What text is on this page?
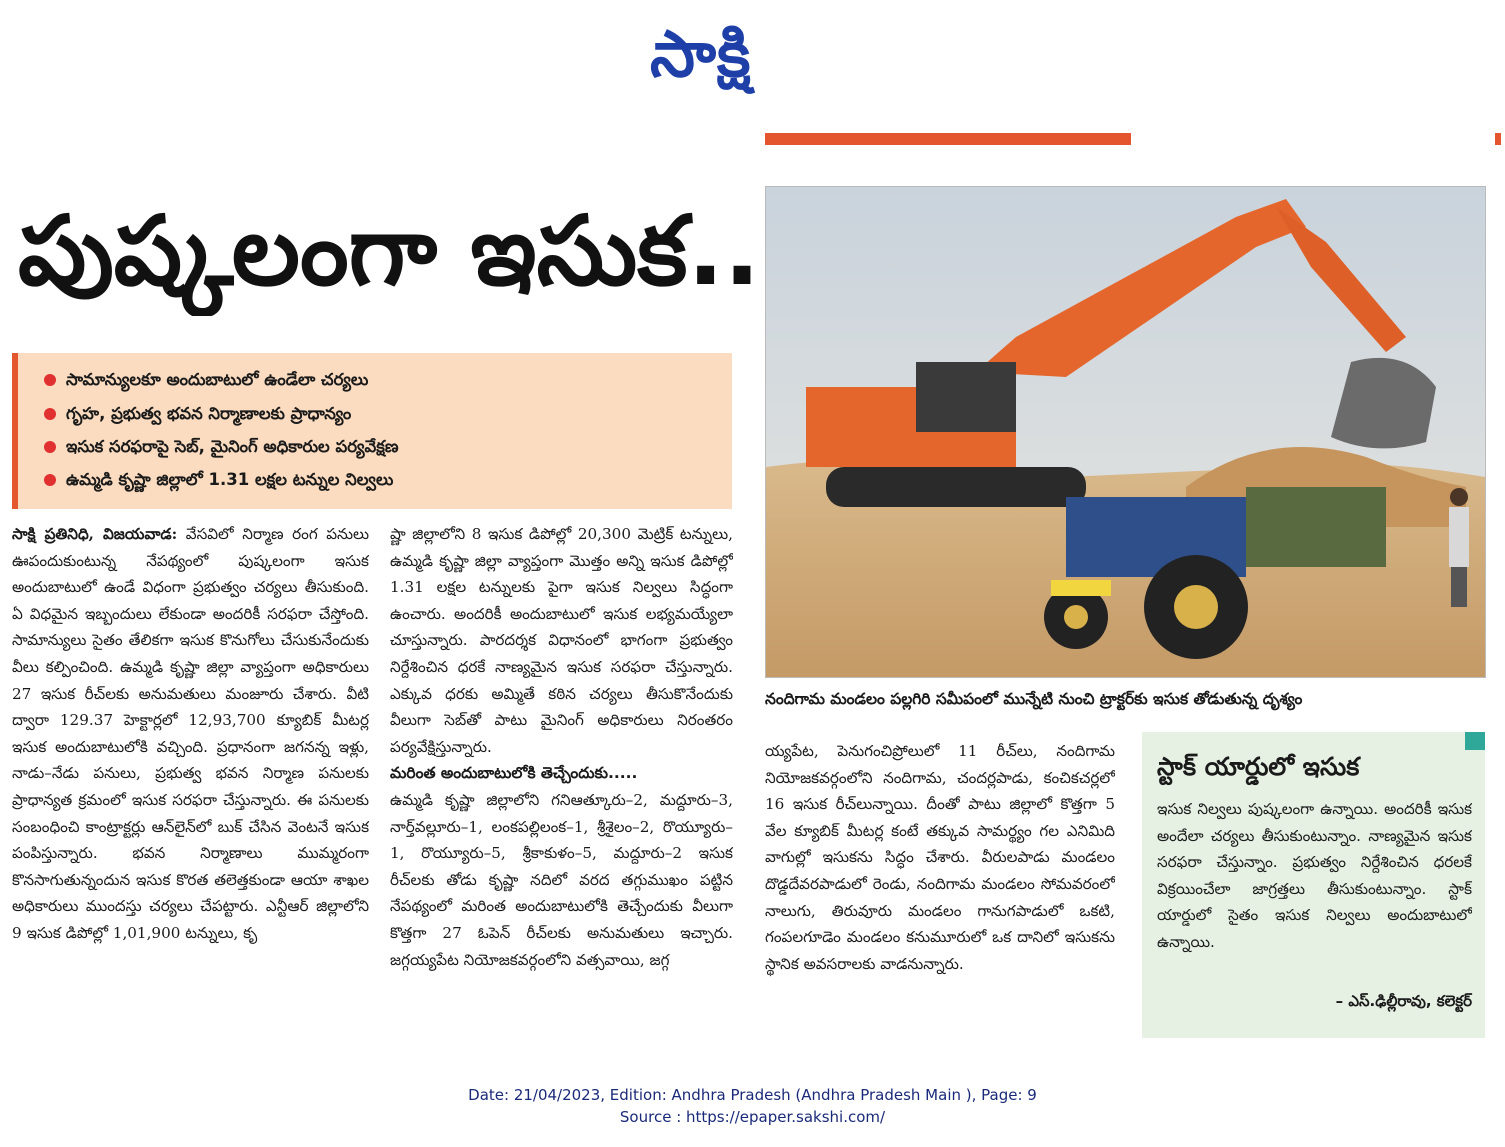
సాక్షి
పుష్కలంగా ఇసుక..
సామాన్యులకూ అందుబాటులో ఉండేలా చర్యలు
గృహ, ప్రభుత్వ భవన నిర్మాణాలకు ప్రాధాన్యం
ఇసుక సరఫరాపై సెబ్, మైనింగ్ అధికారుల పర్యవేక్షణ
ఉమ్మడి కృష్ణా జిల్లాలో 1.31 లక్షల టన్నుల నిల్వలు
నందిగామ మండలం పల్లగిరి సమీపంలో మున్నేటి నుంచి ట్రాక్టర్‌కు ఇసుక తోడుతున్న దృశ్యం

సాక్షి ప్రతినిధి, విజయవాడ: వేసవిలో నిర్మాణ రంగ పనులు ఊపందుకుంటున్న నేపథ్యంలో పుష్కలంగా ఇసుక అందుబాటులో ఉండే విధంగా ప్రభుత్వం చర్యలు తీసుకుంది. ఏ విధమైన ఇబ్బందులు లేకుండా అందరికీ సరఫరా చేస్తోంది. సామాన్యులు సైతం తేలికగా ఇసుక కొనుగోలు చేసుకునేందుకు వీలు కల్పించింది. ఉమ్మడి కృష్ణా జిల్లా వ్యాప్తంగా అధికారులు 27 ఇసుక రీచ్‌లకు అనుమతులు మంజూరు చేశారు. వీటి ద్వారా 129.37 హెక్టార్లలో 12,93,700 క్యూబిక్ మీటర్ల ఇసుక అందుబాటులోకి వచ్చింది. ప్రధానంగా జగనన్న ఇళ్లు, నాడు–నేడు పనులు, ప్రభుత్వ భవన నిర్మాణ పనులకు ప్రాధాన్యత క్రమంలో ఇసుక సరఫరా చేస్తున్నారు. ఈ పనులకు సంబంధించి కాంట్రాక్టర్లు ఆన్‌లైన్‌లో బుక్ చేసిన వెంటనే ఇసుక పంపిస్తున్నారు. భవన నిర్మాణాలు ముమ్మరంగా కొనసాగుతున్నందున ఇసుక కొరత తలెత్తకుండా ఆయా శాఖల అధికారులు ముందస్తు చర్యలు చేపట్టారు. ఎన్టీఆర్ జిల్లాలోని 9 ఇసుక డిపోల్లో 1,01,900 టన్నులు, కృ

ష్ణా జిల్లాలోని 8 ఇసుక డిపోల్లో 20,300 మెట్రిక్ టన్నులు, ఉమ్మడి కృష్ణా జిల్లా వ్యాప్తంగా మొత్తం అన్ని ఇసుక డిపోల్లో 1.31 లక్షల టన్నులకు పైగా ఇసుక నిల్వలు సిద్ధంగా ఉంచారు. అందరికీ అందుబాటులో ఇసుక లభ్యమయ్యేలా చూస్తున్నారు. పారదర్శక విధానంలో భాగంగా ప్రభుత్వం నిర్దేశించిన ధరకే నాణ్యమైన ఇసుక సరఫరా చేస్తున్నారు. ఎక్కువ ధరకు అమ్మితే కఠిన చర్యలు తీసుకొనేందుకు వీలుగా సెబ్‌తో పాటు మైనింగ్ అధికారులు నిరంతరం పర్యవేక్షిస్తున్నారు.

మరింత అందుబాటులోకి తెచ్చేందుకు.....

ఉమ్మడి కృష్ణా జిల్లాలోని గనిఆత్కూరు–2, మద్దూరు–3, నార్త్‌వల్లూరు–1, లంకపల్లిలంక–1, శ్రీశైలం–2, రొయ్యూరు–1, రొయ్యూరు–5, శ్రీకాకుళం–5, మద్దూరు–2 ఇసుక రీచ్‌లకు తోడు కృష్ణా నదిలో వరద తగ్గుముఖం పట్టిన నేపథ్యంలో మరింత అందుబాటులోకి తెచ్చేందుకు వీలుగా కొత్తగా 27 ఓపెన్ రీచ్‌లకు అనుమతులు ఇచ్చారు. జగ్గయ్యపేట నియోజకవర్గంలోని వత్సవాయి, జగ్గ

య్యపేట, పెనుగంచిప్రోలులో 11 రీచ్‌లు, నందిగామ నియోజకవర్గంలోని నందిగామ, చందర్లపాడు, కంచికచర్లలో 16 ఇసుక రీచ్‌లున్నాయి. దీంతో పాటు జిల్లాలో కొత్తగా 5 వేల క్యూబిక్ మీటర్ల కంటే తక్కువ సామర్థ్యం గల ఎనిమిది వాగుల్లో ఇసుకను సిద్ధం చేశారు. వీరులపాడు మండలం దొడ్డదేవరపాడులో రెండు, నందిగామ మండలం సోమవరంలో నాలుగు, తిరువూరు మండలం గానుగపాడులో ఒకటి, గంపలగూడెం మండలం కనుమూరులో ఒక దానిలో ఇసుకను స్థానిక అవసరాలకు వాడనున్నారు.

స్టాక్ యార్డులో ఇసుక
ఇసుక నిల్వలు పుష్కలంగా ఉన్నాయి. అందరికీ ఇసుక అందేలా చర్యలు తీసుకుంటున్నాం. నాణ్యమైన ఇసుక సరఫరా చేస్తున్నాం. ప్రభుత్వం నిర్దేశించిన ధరలకే విక్రయించేలా జాగ్రత్తలు తీసుకుంటున్నాం. స్టాక్ యార్డులో సైతం ఇసుక నిల్వలు అందుబాటులో ఉన్నాయి.
– ఎస్.ఢిల్లీరావు, కలెక్టర్
Date: 21/04/2023, Edition: Andhra Pradesh (Andhra Pradesh Main ), Page: 9
Source : https://epaper.sakshi.com/
